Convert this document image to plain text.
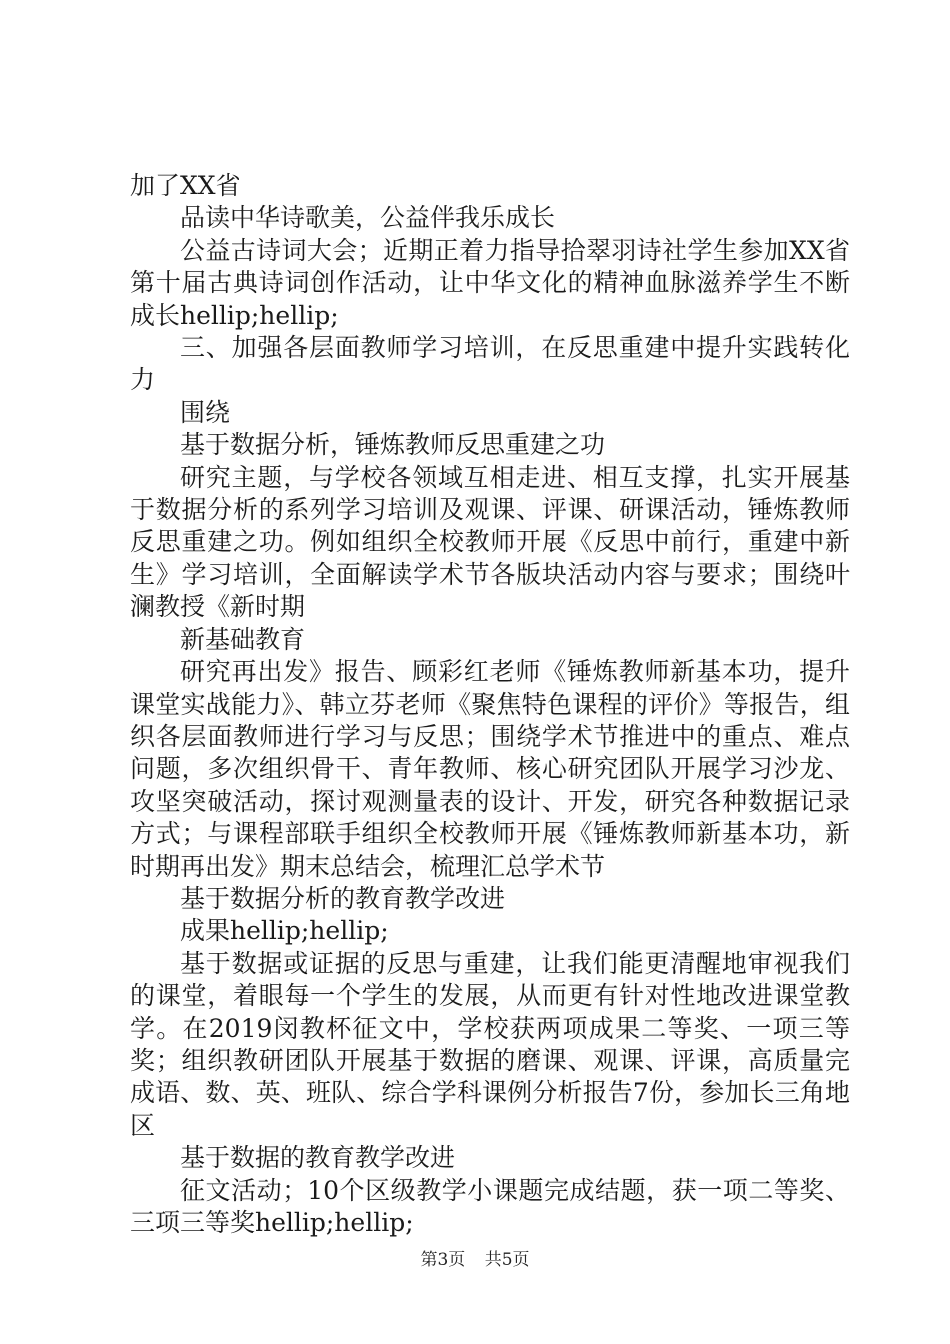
加了XX省

品读中华诗歌美，公益伴我乐成长

公益古诗词大会；近期正着力指导拾翠羽诗社学生参加XX省第十届古典诗词创作活动，让中华文化的精神血脉滋养学生不断成长hellip;hellip;

三、加强各层面教师学习培训，在反思重建中提升实践转化力

围绕

基于数据分析，锤炼教师反思重建之功

研究主题，与学校各领域互相走进、相互支撑，扎实开展基于数据分析的系列学习培训及观课、评课、研课活动，锤炼教师反思重建之功。例如组织全校教师开展《反思中前行，重建中新生》学习培训，全面解读学术节各版块活动内容与要求；围绕叶澜教授《新时期

新基础教育

研究再出发》报告、顾彩红老师《锤炼教师新基本功，提升课堂实战能力》、韩立芬老师《聚焦特色课程的评价》等报告，组织各层面教师进行学习与反思；围绕学术节推进中的重点、难点问题，多次组织骨干、青年教师、核心研究团队开展学习沙龙、攻坚突破活动，探讨观测量表的设计、开发，研究各种数据记录方式；与课程部联手组织全校教师开展《锤炼教师新基本功，新时期再出发》期末总结会，梳理汇总学术节

基于数据分析的教育教学改进

成果hellip;hellip;

基于数据或证据的反思与重建，让我们能更清醒地审视我们的课堂，着眼每一个学生的发展，从而更有针对性地改进课堂教学。在2019闵教杯征文中，学校获两项成果二等奖、一项三等奖；组织教研团队开展基于数据的磨课、观课、评课，高质量完成语、数、英、班队、综合学科课例分析报告7份，参加长三角地区

基于数据的教育教学改进

征文活动；10个区级教学小课题完成结题，获一项二等奖、三项三等奖hellip;hellip;

第3页 共5页
